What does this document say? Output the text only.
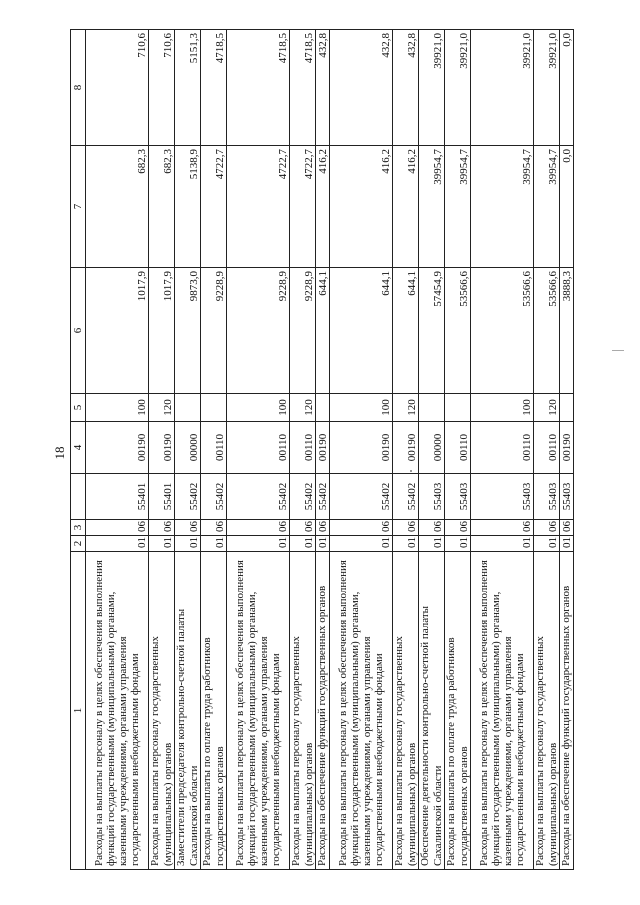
18
1	2	3		4	5	6	7	8
Расходы на выплаты персоналу в целях обеспечения выполнения функций государственными (муниципальными) органами, казенными учреждениями, органами управления государственными внебюджетными фондами	01	06	55401	00190	100	1017,9	682,3	710,6
Расходы на выплаты персоналу государственных (муниципальных) органов	01	06	55401	00190	120	1017,9	682,3	710,6
Заместители председателя контрольно-счетной палаты Сахалинской области	01	06	55402	00000		9873,0	5138,9	5151,3
Расходы на выплаты по оплате труда работников государственных органов	01	06	55402	00110		9228,9	4722,7	4718,5
Расходы на выплаты персоналу в целях обеспечения выполнения функций государственными (муниципальными) органами, казенными учреждениями, органами управления государственными внебюджетными фондами	01	06	55402	00110	100	9228,9	4722,7	4718,5
Расходы на выплаты персоналу государственных (муниципальных) органов	01	06	55402	00110	120	9228,9	4722,7	4718,5
Расходы на обеспечение функций государственных органов	01	06	55402	00190		644,1	416,2	432,8
Расходы на выплаты персоналу в целях обеспечения выполнения функций государственными (муниципальными) органами, казенными учреждениями, органами управления государственными внебюджетными фондами	01	06	55402	00190	100	644,1	416,2	432,8
Расходы на выплаты персоналу государственных (муниципальных) органов	01	06	55402	00190	120	644,1	416,2	432,8
Обеспечение деятельности контрольно-счетной палаты Сахалинской области	01	06	55403	00000		57454,9	39954,7	39921,0
Расходы на выплаты по оплате труда работников государственных органов	01	06	55403	00110		53566,6	39954,7	39921,0
Расходы на выплаты персоналу в целях обеспечения выполнения функций государственными (муниципальными) органами, казенными учреждениями, органами управления государственными внебюджетными фондами	01	06	55403	00110	100	53566,6	39954,7	39921,0
Расходы на выплаты персоналу государственных (муниципальных) органов	01	06	55403	00110	120	53566,6	39954,7	39921,0
Расходы на обеспечение функций государственных органов	01	06	55403	00190		3888,3	0,0	0,0
